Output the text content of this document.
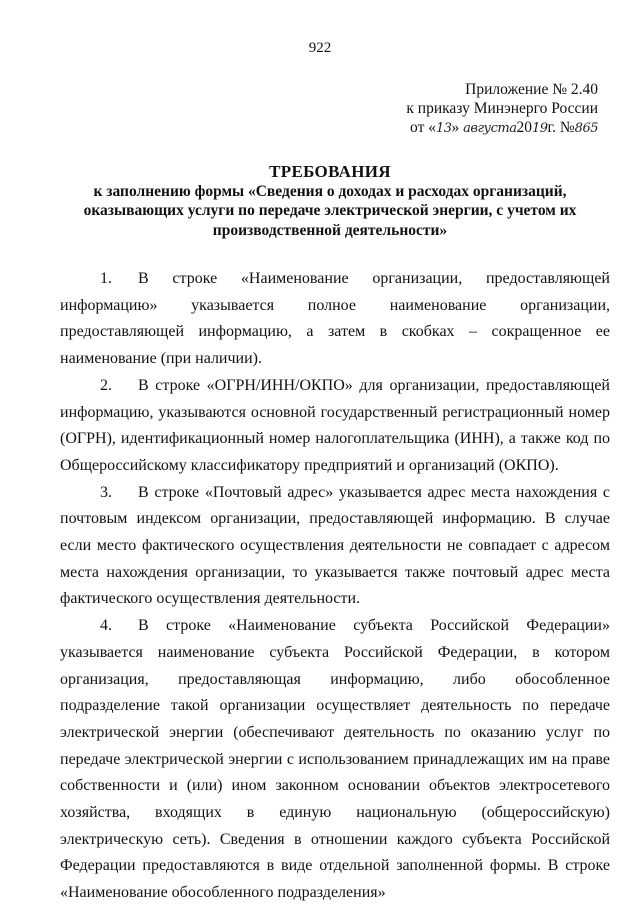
922
Приложение № 2.40
к приказу Минэнерго России
от «13» августа2019г. №865
ТРЕБОВАНИЯ
к заполнению формы «Сведения о доходах и расходах организаций,
оказывающих услуги по передаче электрической энергии, с учетом их
производственной деятельности»

1. В строке «Наименование организации, предоставляющей информацию» указывается полное наименование организации, предоставляющей информацию, а затем в скобках – сокращенное ее наименование (при наличии).

2. В строке «ОГРН/ИНН/ОКПО» для организации, предоставляющей информацию, указываются основной государственный регистрационный номер (ОГРН), идентификационный номер налогоплательщика (ИНН), а также код по Общероссийскому классификатору предприятий и организаций (ОКПО).

3. В строке «Почтовый адрес» указывается адрес места нахождения с почтовым индексом организации, предоставляющей информацию. В случае если место фактического осуществления деятельности не совпадает с адресом места нахождения организации, то указывается также почтовый адрес места фактического осуществления деятельности.

4. В строке «Наименование субъекта Российской Федерации» указывается наименование субъекта Российской Федерации, в котором организация, предоставляющая информацию, либо обособленное подразделение такой организации осуществляет деятельность по передаче электрической энергии (обеспечивают деятельность по оказанию услуг по передаче электрической энергии с использованием принадлежащих им на праве собственности и (или) ином законном основании объектов электросетевого хозяйства, входящих в единую национальную (общероссийскую) электрическую сеть). Сведения в отношении каждого субъекта Российской Федерации предоставляются в виде отдельной заполненной формы. В строке «Наименование обособленного подразделения»
